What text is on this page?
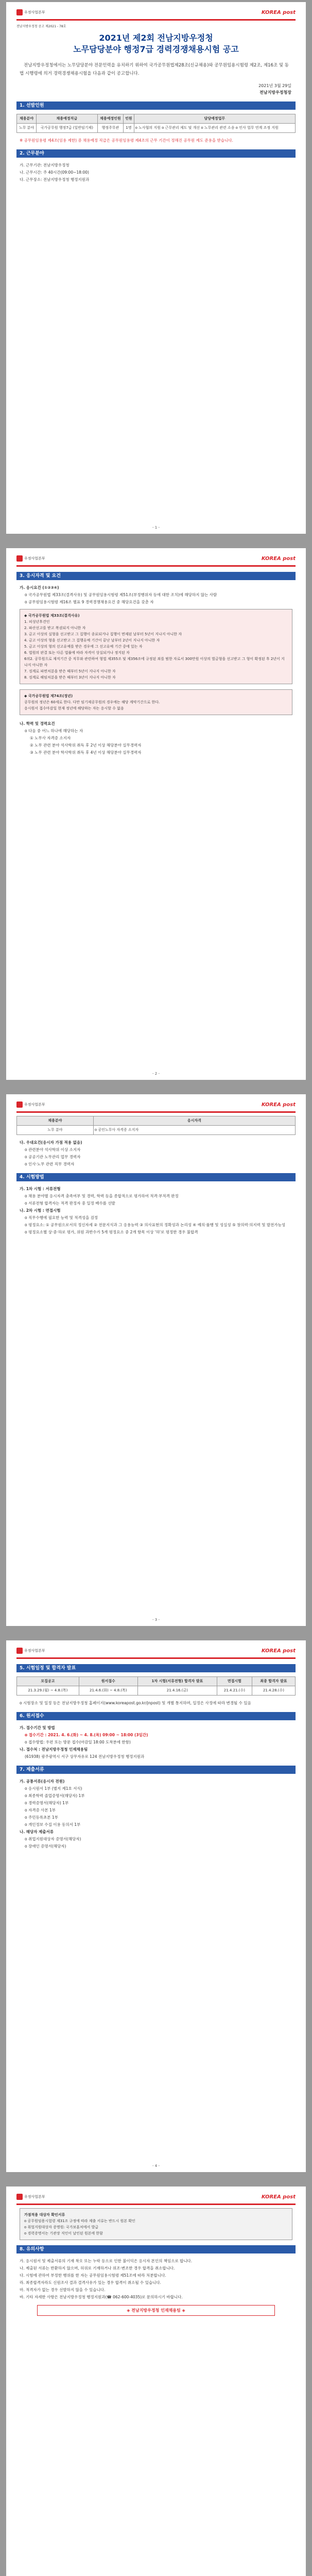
우정사업본부	KOREA post
전남지방우정청 공고 제2021 - 78호
2021년 제2회 전남지방우정청
노무담당분야 행정7급 경력경쟁채용시험 공고
전남지방우정청에서는 노무담당분야 전문인력을 유치하기 위하여 국가공무원법제28조(신규채용)와 공무원임용시험령 제2조, 제16조 및 동법 시행령에 의거 경력경쟁채용시험을 다음과 같이 공고합니다.
2021년 3월 29일
전남지방우정청장
1. 선발인원
채용분야	채용예정직급	채용예정인원	인원	담당예정업무
노무 분야	국가공무원 행정7급 (일반임기제)	행정주무관	1명	o 노사협의 지원 o 근무관리 제도 및 개선 o 노무관리 관련 소송 o 인사 업무 연계 조정 지원
※ 공무원임용령 제4조(임용 제한) 중 채용예정 직급은 공무원임용령 제4조의 근무 기간이 정해진 공무원 제도 준용을 받습니다.
2. 근무분야
가. 근무기관: 전남지방우정청
나. 근무시간: 주 40시간(09:00~18:00)
다. 근무장소: 전남지방우정청 행정지원과
- 1 -
우정사업본부	KOREA post
3. 응시자격 및 요건
가. 응시요건 (①②③④)
o 국가공무원법 제33조(결격사유) 및 공무원임용시험령 제51조(부정행위자 등에 대한 조치)에 해당하지 않는 사람
o 공무원임용시험령 제16조 별표 9 경력경쟁채용요건 중 해당요건을 갖춘 자
◆ 국가공무원법 제33조(결격사유)
1. 피성년후견인
2. 파산선고를 받고 복권되지 아니한 자
3. 금고 이상의 실형을 선고받고 그 집행이 종료되거나 집행이 면제된 날부터 5년이 지나지 아니한 자
4. 금고 이상의 형을 선고받고 그 집행유예 기간이 끝난 날부터 2년이 지나지 아니한 자
5. 금고 이상의 형의 선고유예를 받은 경우에 그 선고유예 기간 중에 있는 자
6. 법원의 판결 또는 다른 법률에 따라 자격이 상실되거나 정지된 자
6의2. 공무원으로 재직기간 중 직무와 관련하여 형법 제355조 및 제356조에 규정된 죄를 범한 자로서 300만원 이상의 벌금형을 선고받고 그 형이 확정된 후 2년이 지나지 아니한 자
7. 징계로 파면처분을 받은 때부터 5년이 지나지 아니한 자
8. 징계로 해임처분을 받은 때부터 3년이 지나지 아니한 자
◆ 국가공무원법 제74조(정년)
공무원의 정년은 60세로 한다. 다만 임기제공무원의 경우에는 해당 계약기간으로 한다.
응시원서 접수마감일 현재 정년에 해당하는 자는 응시할 수 없음
나. 학력 및 경력요건
o 다음 중 어느 하나에 해당하는 자
① 노무사 자격증 소지자
② 노무 관련 분야 석사학위 취득 후 2년 이상 해당분야 실무경력자
③ 노무 관련 분야 학사학위 취득 후 4년 이상 해당분야 실무경력자
- 2 -
우정사업본부	KOREA post
채용분야	응시자격
노무 분야	o 공인노무사 자격증 소지자
다. 우대요건(응시자 가점 적용 없음)
o 관련분야 석사학위 이상 소지자
o 공공기관 노무관리 업무 경력자
o 인사·노무 관련 직무 경력자
4. 시험방법
가. 1차 시험 : 서류전형
o 채용 분야별 응시자격 충족여부 및 경력, 학력 등을 종합적으로 평가하여 적격·부적격 판정
o 서류전형 합격자는 적격 판정자 중 일정 배수를 선발
나. 2차 시험 : 면접시험
o 직무수행에 필요한 능력 및 적격성을 검정
o 평정요소: ① 공무원으로서의 정신자세 ② 전문지식과 그 응용능력 ③ 의사표현의 정확성과 논리성 ④ 예의·품행 및 성실성 ⑤ 창의력·의지력 및 발전가능성
o 평정요소별 상·중·하로 평가, 위원 과반수가 5개 평정요소 중 2개 항목 이상 '하'로 평정한 경우 불합격
- 3 -
우정사업본부	KOREA post
5. 시험일정 및 합격자 발표
모집공고	원서접수	1차 시험(서류전형) 합격자 발표	면접시험	최종 합격자 발표
21.3.29.(월) ~ 4.8.(목)	21.4.6.(화) ~ 4.8.(목)	21.4.16.(금)	21.4.21.(수)	21.4.28.(수)
o 시험장소 및 일정 등은 전남지방우정청 홈페이지(www.koreapost.go.kr/jnpost) 및 개별 통지하며, 일정은 사정에 따라 변경될 수 있음
6. 원서접수
가. 접수기간 및 방법
o 접수기간 : 2021. 4. 6.(화) ~ 4. 8.(목) 09:00 ~ 18:00 (3일간)
o 접수방법: 우편 또는 방문 접수(마감일 18:00 도착분에 한함)
나. 접수처 : 전남지방우정청 인재채용팀
(61938) 광주광역시 서구 상무자유로 124 전남지방우정청 행정지원과
7. 제출서류
가. 공통서류(응시자 전원)
o 응시원서 1부 (별지 제1호 서식)
o 최종학력 졸업증명서(해당자) 1부
o 경력증명서(해당자) 1부
o 자격증 사본 1부
o 주민등록초본 1부
o 개인정보 수집 이용 동의서 1부
나. 해당자 제출서류
o 취업지원대상자 증명서(해당자)
o 장애인 증명서(해당자)
- 4 -
우정사업본부	KOREA post
가점적용 대상자 확인서류
o 공무원임용시험령 제31조 규정에 따라 제출 서류는 반드시 원본 확인
o 취업지원대상자 증명원: 국가보훈처에서 발급
o 경력증명서는 기관장 직인이 날인된 원본에 한함
8. 유의사항
가. 응시원서 및 제출서류의 기재 착오 또는 누락 등으로 인한 불이익은 응시자 본인의 책임으로 합니다.
나. 제출된 서류는 반환하지 않으며, 허위로 기재하거나 위조·변조한 경우 합격을 취소합니다.
다. 시험에 관하여 부정한 행위를 한 자는 공무원임용시험령 제51조에 따라 처분합니다.
라. 최종합격자라도 신원조사 결과 결격사유가 있는 경우 합격이 취소될 수 있습니다.
마. 적격자가 없는 경우 선발하지 않을 수 있습니다.
바. 기타 자세한 사항은 전남지방우정청 행정지원과(☎ 062-600-4035)로 문의하시기 바랍니다.
◈ 전남지방우정청 인재채용팀 ◈
